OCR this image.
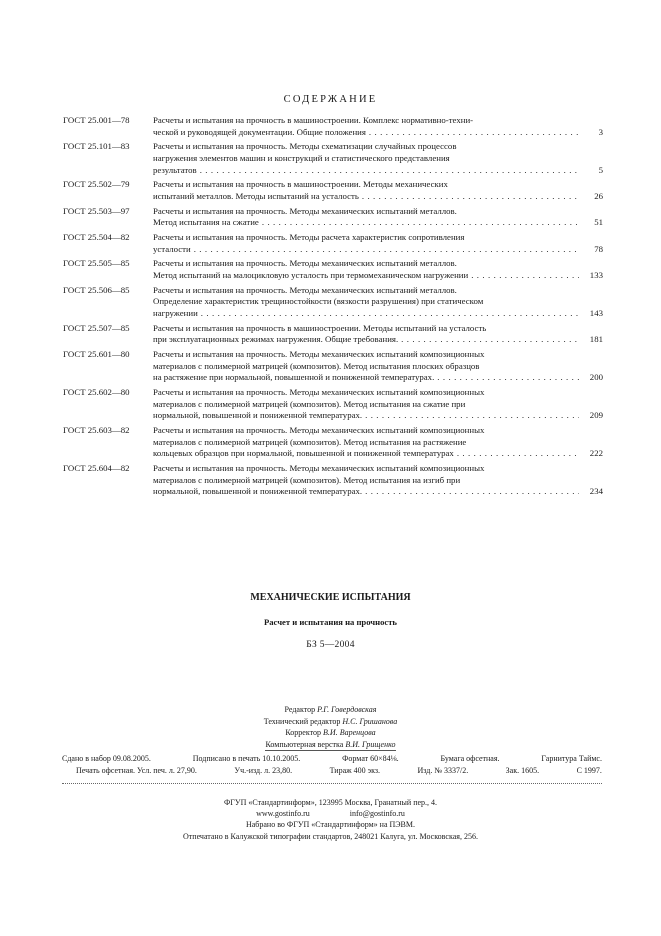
СОДЕРЖАНИЕ
ГОСТ 25.001—78	Расчеты и испытания на прочность в машиностроении. Комплекс нормативно-техни-
ческой и руководящей документации. Общие положения . . .	3
ГОСТ 25.101—83	Расчеты и испытания на прочность. Методы схематизации случайных процессов
нагружения элементов машин и конструкций и статистического представления
результатов . . .	5
ГОСТ 25.502—79	Расчеты и испытания на прочность в машиностроении. Методы механических
испытаний металлов. Методы испытаний на усталость . . .	26
ГОСТ 25.503—97	Расчеты и испытания на прочность. Методы механических испытаний металлов.
Метод испытания на сжатие . . .	51
ГОСТ 25.504—82	Расчеты и испытания на прочность. Методы расчета характеристик сопротивления
усталости . . .	78
ГОСТ 25.505—85	Расчеты и испытания на прочность. Методы механических испытаний металлов.
Метод испытаний на малоцикловую усталость при термомеханическом нагружении . . .	133
ГОСТ 25.506—85	Расчеты и испытания на прочность. Методы механических испытаний металлов.
Определение характеристик трещиностойкости (вязкости разрушения) при статическом
нагружении . . .	143
ГОСТ 25.507—85	Расчеты и испытания на прочность в машиностроении. Методы испытаний на усталость
при эксплуатационных режимах нагружения. Общие требования. . . .	181
ГОСТ 25.601—80	Расчеты и испытания на прочность. Методы механических испытаний композиционных
материалов с полимерной матрицей (композитов). Метод испытания плоских образцов
на растяжение при нормальной, повышенной и пониженной температурах. . . .	200
ГОСТ 25.602—80	Расчеты и испытания на прочность. Методы механических испытаний композиционных
материалов с полимерной матрицей (композитов). Метод испытания на сжатие при
нормальной, повышенной и пониженной температурах. . . .	209
ГОСТ 25.603—82	Расчеты и испытания на прочность. Методы механических испытаний композиционных
материалов с полимерной матрицей (композитов). Метод испытания на растяжение
кольцевых образцов при нормальной, повышенной и пониженной температурах . . .	222
ГОСТ 25.604—82	Расчеты и испытания на прочность. Методы механических испытаний композиционных
материалов с полимерной матрицей (композитов). Метод испытания на изгиб при
нормальной, повышенной и пониженной температурах. . . .	234
МЕХАНИЧЕСКИЕ ИСПЫТАНИЯ
Расчет и испытания на прочность
БЗ 5—2004
Редактор Р.Г. Говердовская
Технический редактор Н.С. Гришанова
Корректор В.И. Варенцова
Компьютерная верстка В.И. Грищенко
Сдано в набор 09.08.2005.	Подписано в печать 10.10.2005.	Формат 60×84⅛.	Бумага офсетная.	Гарнитура Таймс.
Печать офсетная. Усл. печ. л. 27,90.	Уч.-изд. л. 23,80.	Тираж 400 экз.	Изд. № 3337/2.	Зак. 1605.	С 1997.
ФГУП «Стандартинформ», 123995 Москва, Гранатный пер., 4.
www.gostinfo.ru	info@gostinfo.ru
Набрано во ФГУП «Стандартинформ» на ПЭВМ.
Отпечатано в Калужской типографии стандартов, 248021 Калуга, ул. Московская, 256.
